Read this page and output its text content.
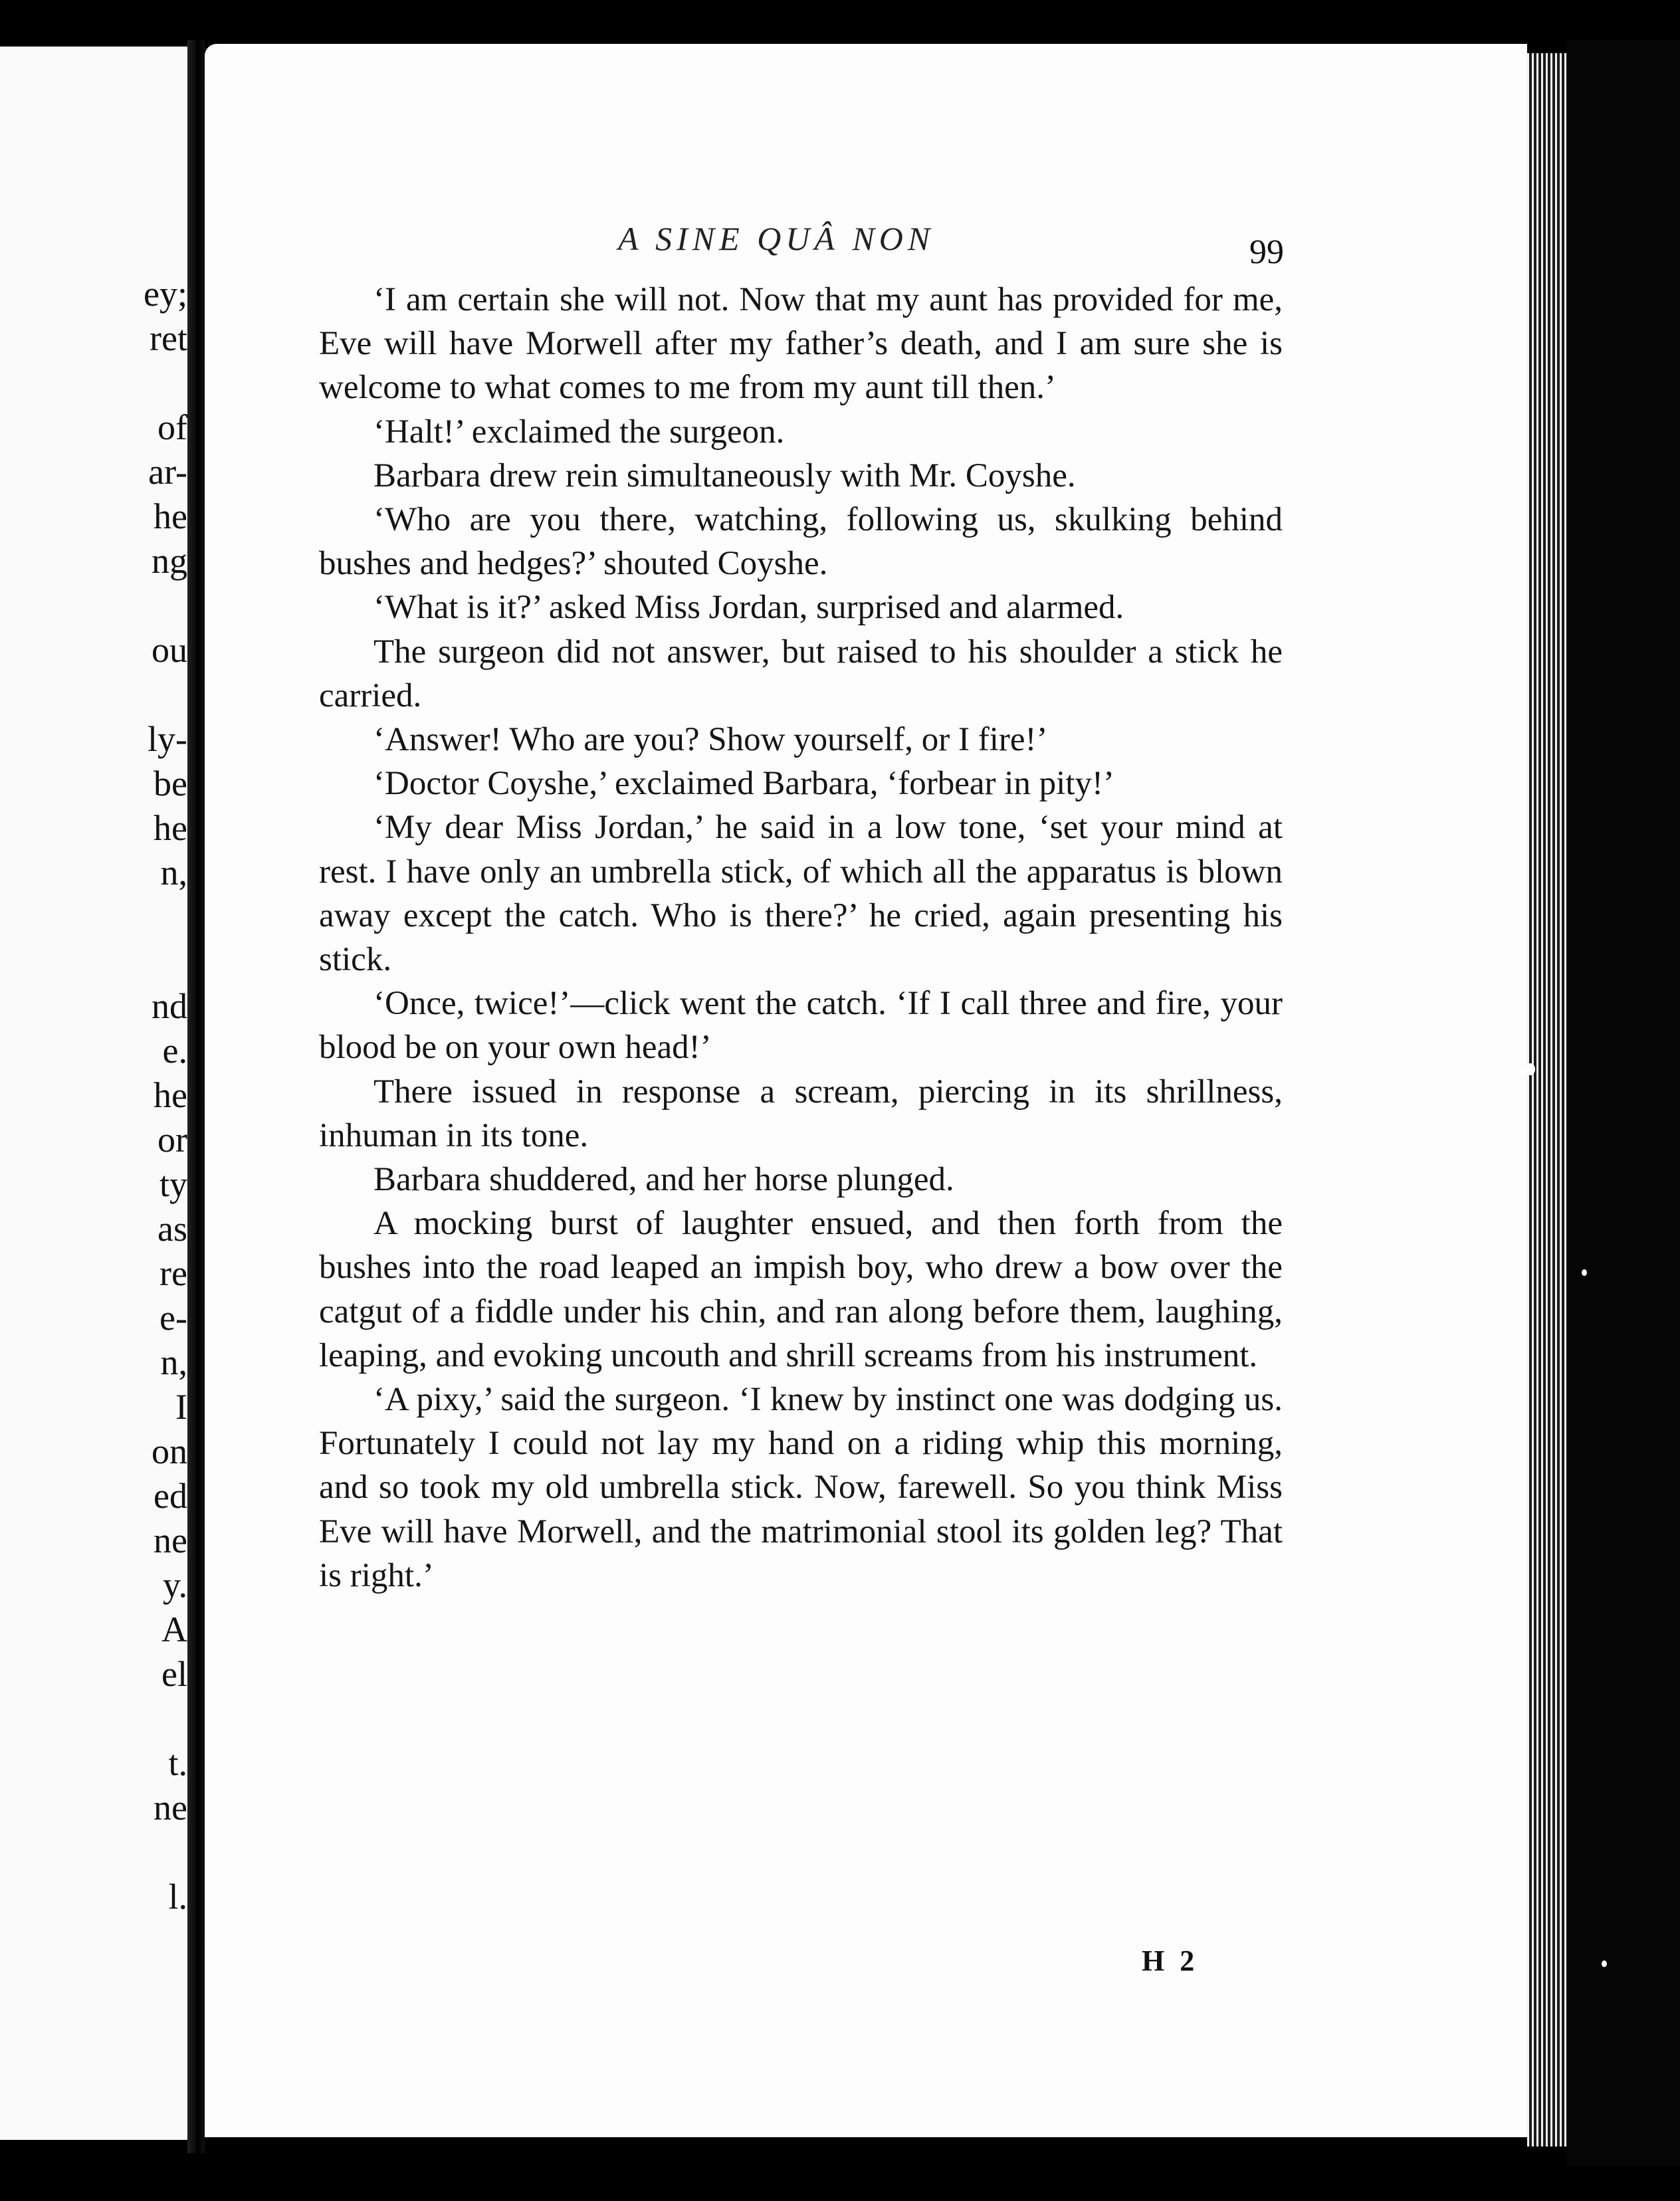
ey;
ret
of
ar-
he
ng
ou
ly-
be
he
n,
nd
e.
he
or
ty
as
re
e-
n,
I
on
ed
ne
y.
A
el
t.
ne
l.
A SINE QUÂ NON	99

‘I am certain she will not. Now that my aunt has provided for me, Eve will have Morwell after my father’s death, and I am sure she is welcome to what comes to me from my aunt till then.’

‘Halt!’ exclaimed the surgeon.

Barbara drew rein simultaneously with Mr. Coyshe.

‘Who are you there, watching, following us, skulking behind bushes and hedges?’ shouted Coyshe.

‘What is it?’ asked Miss Jordan, surprised and alarmed.

The surgeon did not answer, but raised to his shoulder a stick he carried.

‘Answer! Who are you? Show yourself, or I fire!’

‘Doctor Coyshe,’ exclaimed Barbara, ‘forbear in pity!’

‘My dear Miss Jordan,’ he said in a low tone, ‘set your mind at rest. I have only an umbrella stick, of which all the apparatus is blown away except the catch. Who is there?’ he cried, again presenting his stick.

‘Once, twice!’—click went the catch. ‘If I call three and fire, your blood be on your own head!’

There issued in response a scream, piercing in its shrillness, inhuman in its tone.

Barbara shuddered, and her horse plunged.

A mocking burst of laughter ensued, and then forth from the bushes into the road leaped an impish boy, who drew a bow over the catgut of a fiddle under his chin, and ran along before them, laughing, leaping, and evoking uncouth and shrill screams from his instrument.

‘A pixy,’ said the surgeon. ‘I knew by instinct one was dodging us. Fortunately I could not lay my hand on a riding whip this morning, and so took my old umbrella stick. Now, farewell. So you think Miss Eve will have Morwell, and the matrimonial stool its golden leg? That is right.’

H 2
